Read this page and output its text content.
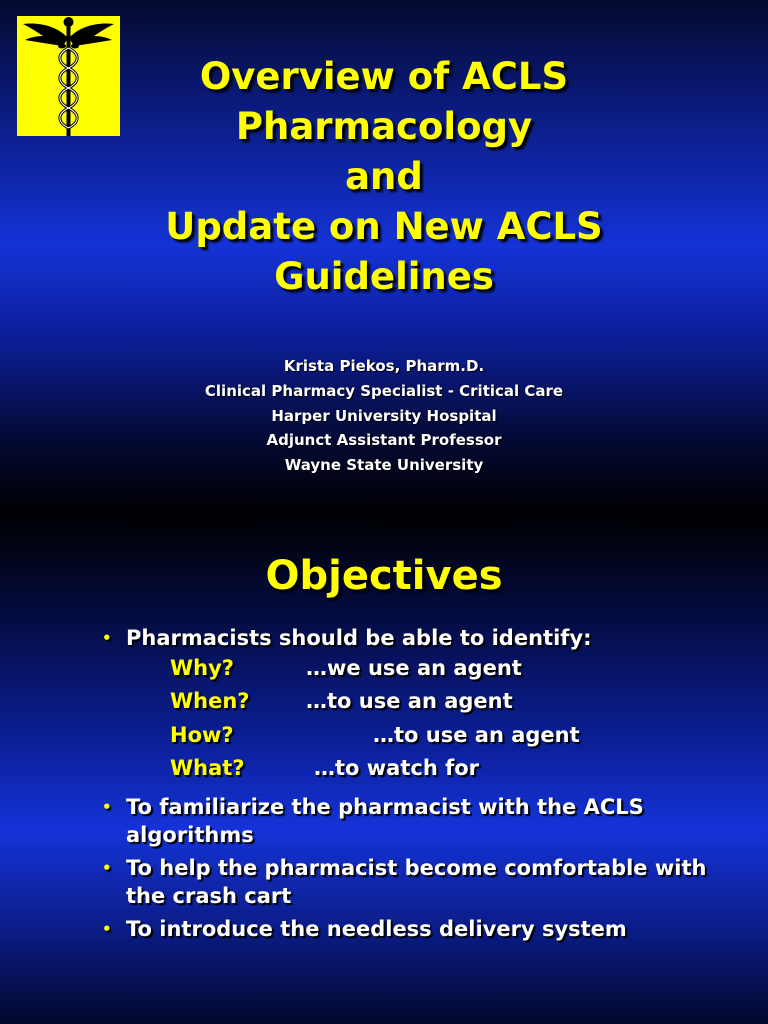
Overview of ACLS
Pharmacology
and
Update on New ACLS
Guidelines
Krista Piekos, Pharm.D.
Clinical Pharmacy Specialist - Critical Care
Harper University Hospital
Adjunct Assistant Professor
Wayne State University
Objectives
• Pharmacists should be able to identify:
Why?	…we use an agent
When?	…to use an agent
How?	…to use an agent
What?	…to watch for
• To familiarize the pharmacist with the ACLS algorithms
• To help the pharmacist become comfortable with the crash cart
• To introduce the needless delivery system
